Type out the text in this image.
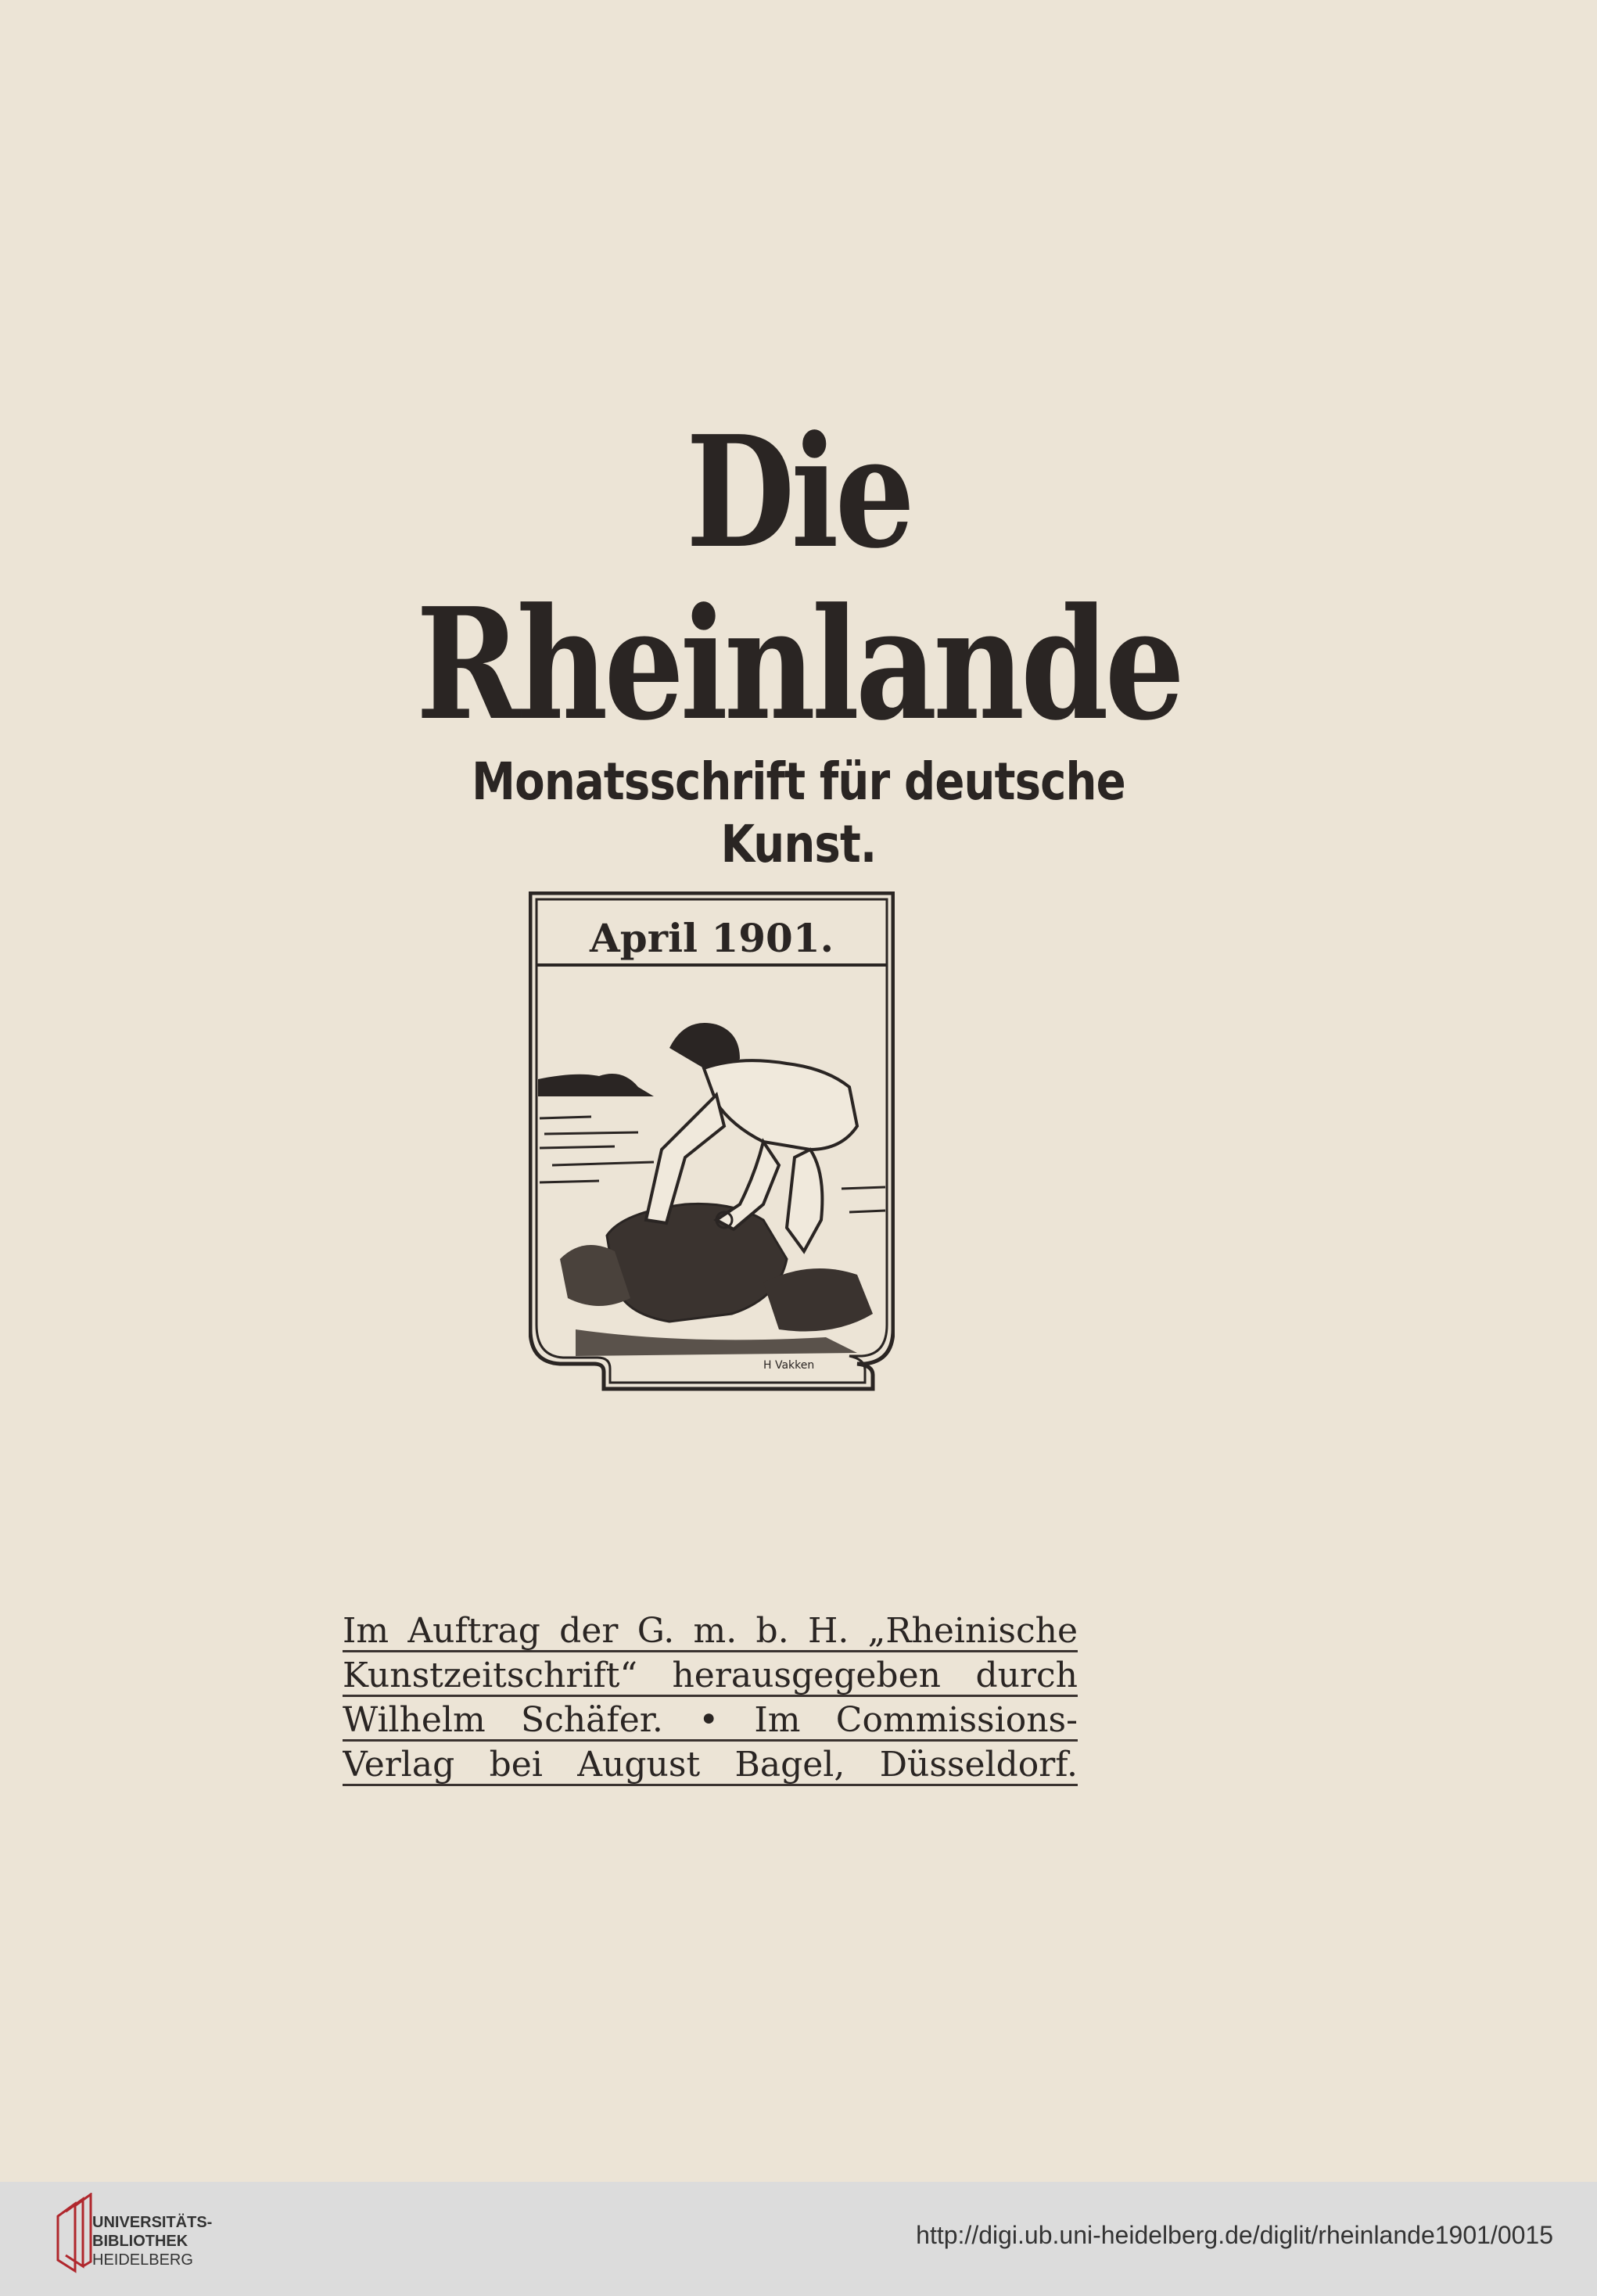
Die Rheinlande
Monatsschrift für deutsche Kunst.
H Vakken
April 1901.
Im Auftrag der G. m. b. H. „Rheinische
Kunstzeitschrift“ herausgegeben durch
Wilhelm Schäfer. • Im Commissions-
Verlag bei August Bagel, Düsseldorf.
UNIVERSITÄTS-
BIBLIOTHEK
HEIDELBERG
http://digi.ub.uni-heidelberg.de/diglit/rheinlande1901/0015
